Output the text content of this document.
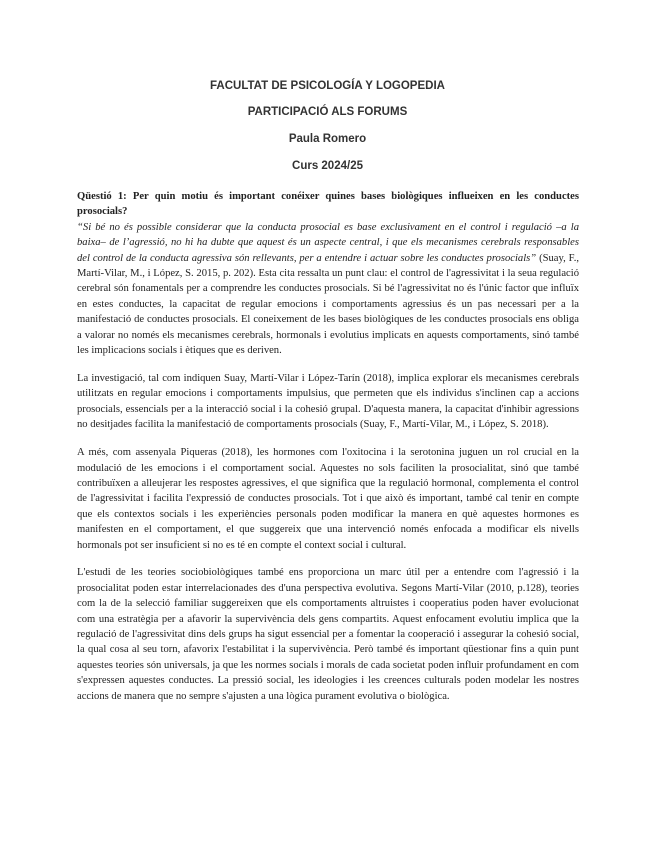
FACULTAT DE PSICOLOGÍA Y LOGOPEDIA
PARTICIPACIÓ ALS FORUMS
Paula Romero
Curs 2024/25
Qüestió 1: Per quin motiu és important conéixer quines bases biològiques influeixen en les conductes prosocials?

“Si bé no és possible considerar que la conducta prosocial es base exclusivament en el control i regulació –a la baixa– de l’agressió, no hi ha dubte que aquest és un aspecte central, i que els mecanismes cerebrals responsables del control de la conducta agressiva són rellevants, per a entendre i actuar sobre les conductes prosocials” (Suay, F., Martí-Vilar, M., i López, S. 2015, p. 202). Esta cita ressalta un punt clau: el control de l'agressivitat i la seua regulació cerebral són fonamentals per a comprendre les conductes prosocials. Si bé l'agressivitat no és l'únic factor que influïx en estes conductes, la capacitat de regular emocions i comportaments agressius és un pas necessari per a la manifestació de conductes prosocials. El coneixement de les bases biològiques de les conductes prosocials ens obliga a valorar no només els mecanismes cerebrals, hormonals i evolutius implicats en aquests comportaments, sinó també les implicacions socials i ètiques que es deriven.

La investigació, tal com indiquen Suay, Martí-Vilar i López-Tarín (2018), implica explorar els mecanismes cerebrals utilitzats en regular emocions i comportaments impulsius, que permeten que els individus s'inclinen cap a accions prosocials, essencials per a la interacció social i la cohesió grupal. D'aquesta manera, la capacitat d'inhibir agressions no desitjades facilita la manifestació de comportaments prosocials (Suay, F., Martí-Vilar, M., i López, S. 2018).

A més, com assenyala Piqueras (2018), les hormones com l'oxitocina i la serotonina juguen un rol crucial en la modulació de les emocions i el comportament social. Aquestes no sols faciliten la prosocialitat, sinó que també contribuïxen a alleujerar les respostes agressives, el que significa que la regulació hormonal, complementa el control de l'agressivitat i facilita l'expressió de conductes prosocials. Tot i que això és important, també cal tenir en compte que els contextos socials i les experiències personals poden modificar la manera en què aquestes hormones es manifesten en el comportament, el que suggereix que una intervenció només enfocada a modificar els nivells hormonals pot ser insuficient si no es té en compte el context social i cultural.

L'estudi de les teories sociobiològiques també ens proporciona un marc útil per a entendre com l'agressió i la prosocialitat poden estar interrelacionades des d'una perspectiva evolutiva. Segons Martí-Vilar (2010, p.128), teories com la de la selecció familiar suggereixen que els comportaments altruistes i cooperatius poden haver evolucionat com una estratègia per a afavorir la supervivència dels gens compartits. Aquest enfocament evolutiu implica que la regulació de l'agressivitat dins dels grups ha sigut essencial per a fomentar la cooperació i assegurar la cohesió social, la qual cosa al seu torn, afavorix l'estabilitat i la supervivència. Però també és important qüestionar fins a quin punt aquestes teories són universals, ja que les normes socials i morals de cada societat poden influir profundament en com s'expressen aquestes conductes. La pressió social, les ideologies i les creences culturals poden modelar les nostres accions de manera que no sempre s'ajusten a una lògica purament evolutiva o biològica.
